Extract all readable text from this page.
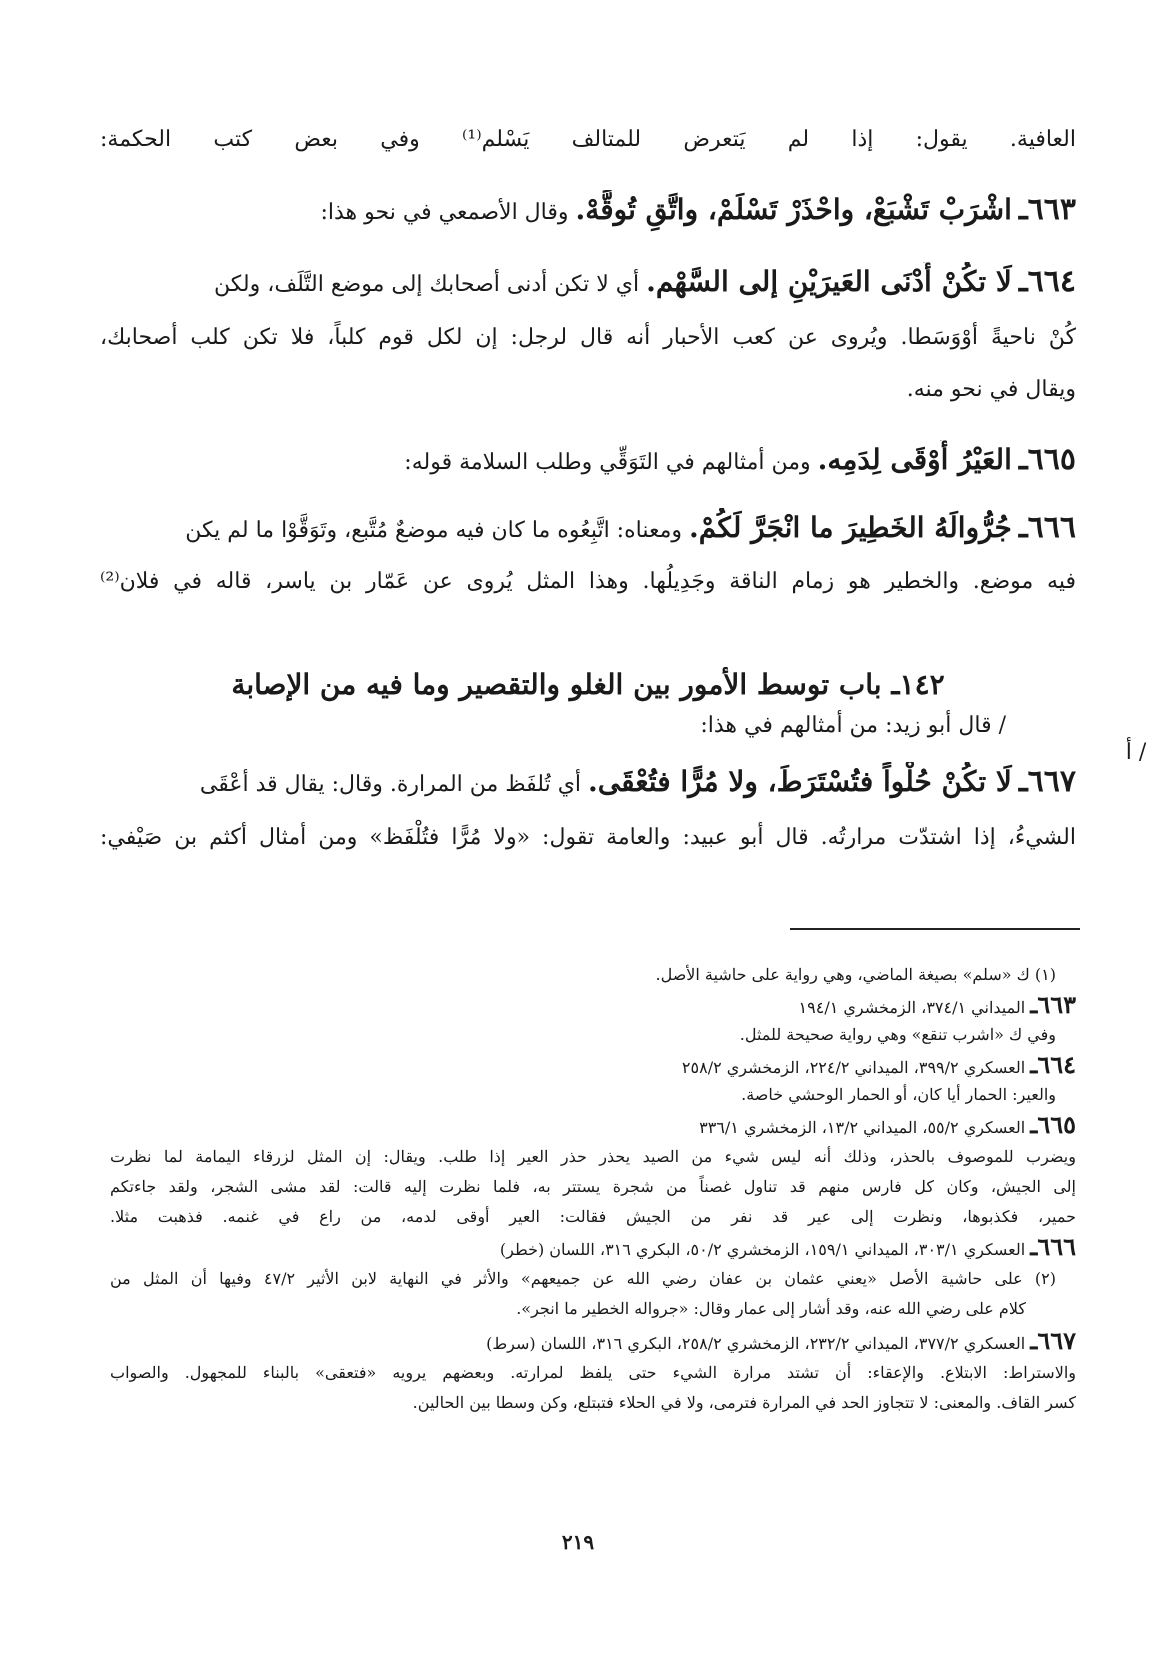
العافية. يقول: إذا لم يَتعرض للمتالف يَسْلم⁽¹⁾ وفي بعض كتب الحكمة:
٦٦٣ـ اشْرَبْ تَشْبَعْ، واحْذَرْ تَسْلَمْ، واتَّقِ تُوقَّهْ. وقال الأصمعي في نحو هذا:
٦٦٤ـ لَا تكُنْ أَدْنَى العَيرَيْنِ إلى السَّهْم. أي لا تكن أدنى أصحابك إلى موضع التَّلَف، ولكن
كُنْ ناحيةً أوْوَسَطا. ويُروى عن كعب الأحبار أنه قال لرجل: إن لكل قوم كلباً، فلا تكن كلب أصحابك،
ويقال في نحو منه.
٦٦٥ـ العَيْرُ أَوْقَى لِدَمِه. ومن أمثالهم في التَوَقِّي وطلب السلامة قوله:
٦٦٦ـ جُرُّوالَهُ الخَطِيرَ ما انْجَرَّ لَكُمْ. ومعناه: اتَّبِعُوه ما كان فيه موضعٌ مُتَّبع، وتَوَقَّوْا ما لم يكن
فيه موضع. والخطير هو زمام الناقة وجَدِيلُها. وهذا المثل يُروى عن عَمّار بن ياسر، قاله في فلان⁽²⁾
١٤٢ـ باب توسط الأمور بين الغلو والتقصير وما فيه من الإصابة
/ أ
/ قال أبو زيد: من أمثالهم في هذا:
٦٦٧ـ لَا تكُنْ حُلْواً فتُسْتَرَطَ، ولا مُرًّا فتُعْقَى. أي تُلفَظ من المرارة. وقال: يقال قد أعْقَى
الشيءُ، إذا اشتدّت مرارتُه. قال أبو عبيد: والعامة تقول: «ولا مُرًّا فتُلْفَظ» ومن أمثال أكثم بن صَيْفي:
(١) ك «سلم» بصيغة الماضي، وهي رواية على حاشية الأصل.
٦٦٣ـ الميداني ٣٧٤/١، الزمخشري ١٩٤/١
وفي ك «اشرب تنقع» وهي رواية صحيحة للمثل.
٦٦٤ـ العسكري ٣٩٩/٢، الميداني ٢٢٤/٢، الزمخشري ٢٥٨/٢
والعير: الحمار أيا كان، أو الحمار الوحشي خاصة.
٦٦٥ـ العسكري ٥٥/٢، الميداني ١٣/٢، الزمخشري ٣٣٦/١
ويضرب للموصوف بالحذر، وذلك أنه ليس شيء من الصيد يحذر حذر العير إذا طلب. ويقال: إن المثل لزرقاء اليمامة لما نظرت
إلى الجيش، وكان كل فارس منهم قد تناول غصناً من شجرة يستتر به، فلما نظرت إليه قالت: لقد مشى الشجر، ولقد جاءتكم
حمير، فكذبوها، ونظرت إلى عير قد نفر من الجيش فقالت: العير أوقى لدمه، من راع في غنمه. فذهبت مثلا.
٦٦٦ـ العسكري ٣٠٣/١، الميداني ١٥٩/١، الزمخشري ٥٠/٢، البكري ٣١٦، اللسان (خطر)
(٢) على حاشية الأصل «يعني عثمان بن عفان رضي الله عن جميعهم» والأثر في النهاية لابن الأثير ٤٧/٢ وفيها أن المثل من
كلام على رضي الله عنه، وقد أشار إلى عمار وقال: «جرواله الخطير ما انجر».
٦٦٧ـ العسكري ٣٧٧/٢، الميداني ٢٣٢/٢، الزمخشري ٢٥٨/٢، البكري ٣١٦، اللسان (سرط)
والاستراط: الابتلاع. والإعقاء: أن تشتد مرارة الشيء حتى يلفظ لمرارته. وبعضهم يرويه «فتعقى» بالبناء للمجهول. والصواب
كسر القاف. والمعنى: لا تتجاوز الحد في المرارة فترمى، ولا في الحلاء فتبتلع، وكن وسطا بين الحالين.
٢١٩
